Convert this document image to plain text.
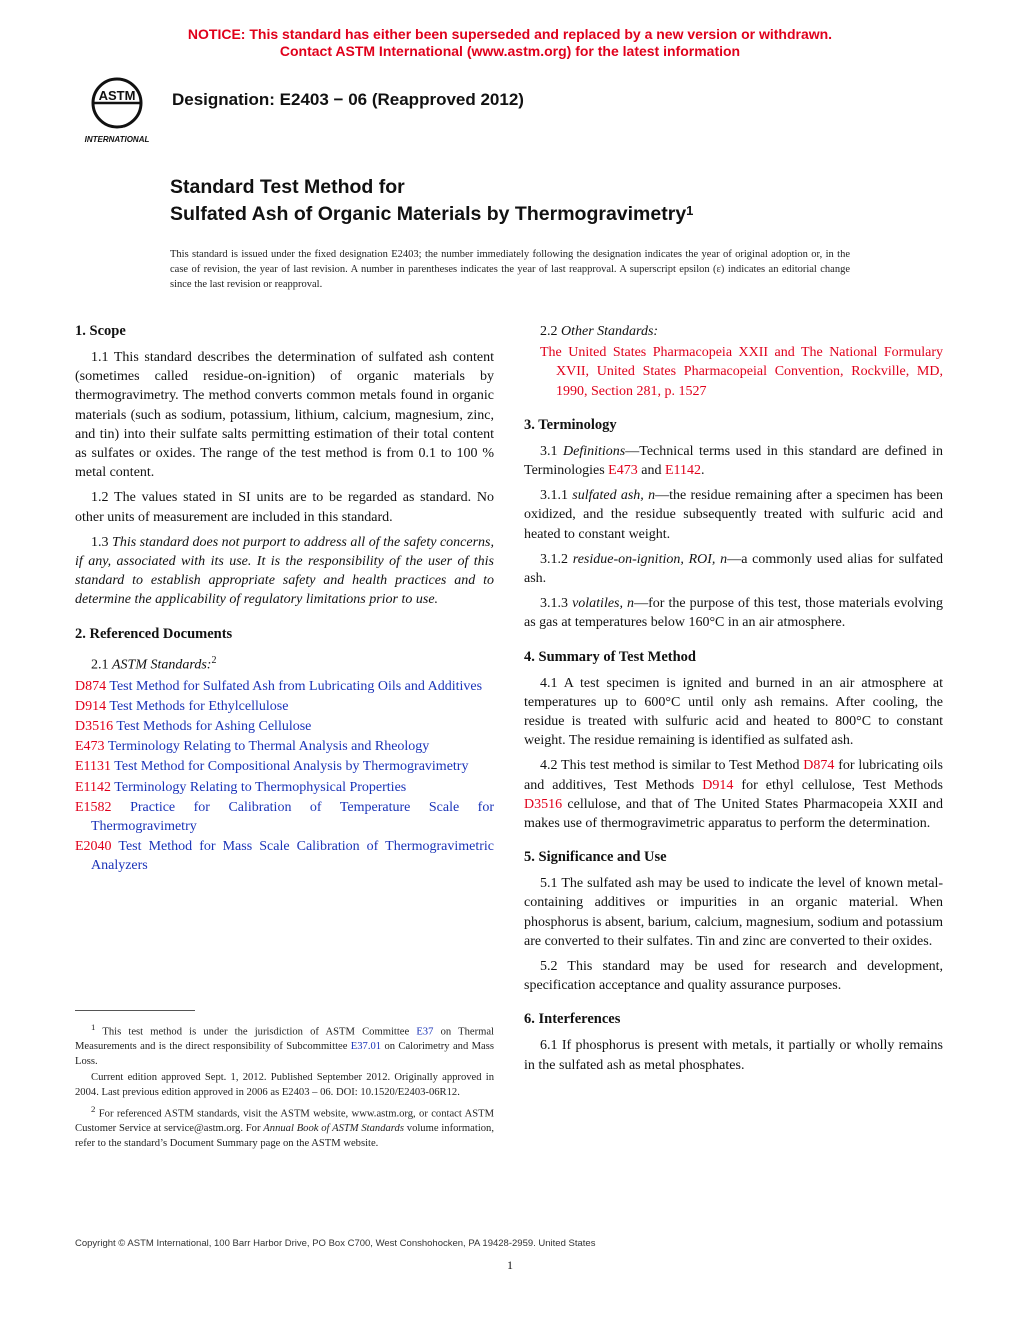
NOTICE: This standard has either been superseded and replaced by a new version or withdrawn.
Contact ASTM International (www.astm.org) for the latest information
ASTM
INTERNATIONAL
Designation: E2403 − 06 (Reapproved 2012)
Standard Test Method for
Sulfated Ash of Organic Materials by Thermogravimetry$^1$
This standard is issued under the fixed designation E2403; the number immediately following the designation indicates the year of original adoption or, in the case of revision, the year of last revision. A number in parentheses indicates the year of last reapproval. A superscript epsilon (ε) indicates an editorial change since the last revision or reapproval.
1. Scope

1.1 This standard describes the determination of sulfated ash content (sometimes called residue-on-ignition) of organic materials by thermogravimetry. The method converts common metals found in organic materials (such as sodium, potassium, lithium, calcium, magnesium, zinc, and tin) into their sulfate salts permitting estimation of their total content as sulfates or oxides. The range of the test method is from 0.1 to 100 % metal content.

1.2 The values stated in SI units are to be regarded as standard. No other units of measurement are included in this standard.

1.3 This standard does not purport to address all of the safety concerns, if any, associated with its use. It is the responsibility of the user of this standard to establish appropriate safety and health practices and to determine the applicability of regulatory limitations prior to use.

2. Referenced Documents

2.1 ASTM Standards:$^2$

D874 Test Method for Sulfated Ash from Lubricating Oils and Additives
D914 Test Methods for Ethylcellulose
D3516 Test Methods for Ashing Cellulose
E473 Terminology Relating to Thermal Analysis and Rheology
E1131 Test Method for Compositional Analysis by Thermogravimetry
E1142 Terminology Relating to Thermophysical Properties
E1582 Practice for Calibration of Temperature Scale for Thermogravimetry
E2040 Test Method for Mass Scale Calibration of Thermogravimetric Analyzers

$^1$ This test method is under the jurisdiction of ASTM Committee E37 on Thermal Measurements and is the direct responsibility of Subcommittee E37.01 on Calorimetry and Mass Loss.

Current edition approved Sept. 1, 2012. Published September 2012. Originally approved in 2004. Last previous edition approved in 2006 as E2403 – 06. DOI: 10.1520/E2403-06R12.

$^2$ For referenced ASTM standards, visit the ASTM website, www.astm.org, or contact ASTM Customer Service at service@astm.org. For Annual Book of ASTM Standards volume information, refer to the standard’s Document Summary page on the ASTM website.

2.2 Other Standards:

The United States Pharmacopeia XXII and The National Formulary XVII, United States Pharmacopeial Convention, Rockville, MD, 1990, Section 281, p. 1527
3. Terminology

3.1 Definitions—Technical terms used in this standard are defined in Terminologies E473 and E1142.

3.1.1 sulfated ash, n—the residue remaining after a specimen has been oxidized, and the residue subsequently treated with sulfuric acid and heated to constant weight.

3.1.2 residue-on-ignition, ROI, n—a commonly used alias for sulfated ash.

3.1.3 volatiles, n—for the purpose of this test, those materials evolving as gas at temperatures below 160°C in an air atmosphere.

4. Summary of Test Method

4.1 A test specimen is ignited and burned in an air atmosphere at temperatures up to 600°C until only ash remains. After cooling, the residue is treated with sulfuric acid and heated to 800°C to constant weight. The residue remaining is identified as sulfated ash.

4.2 This test method is similar to Test Method D874 for lubricating oils and additives, Test Methods D914 for ethyl cellulose, Test Methods D3516 cellulose, and that of The United States Pharmacopeia XXII and makes use of thermogravimetric apparatus to perform the determination.

5. Significance and Use

5.1 The sulfated ash may be used to indicate the level of known metal-containing additives or impurities in an organic material. When phosphorus is absent, barium, calcium, magnesium, sodium and potassium are converted to their sulfates. Tin and zinc are converted to their oxides.

5.2 This standard may be used for research and development, specification acceptance and quality assurance purposes.

6. Interferences

6.1 If phosphorus is present with metals, it partially or wholly remains in the sulfated ash as metal phosphates.

Copyright © ASTM International, 100 Barr Harbor Drive, PO Box C700, West Conshohocken, PA 19428-2959. United States
1
